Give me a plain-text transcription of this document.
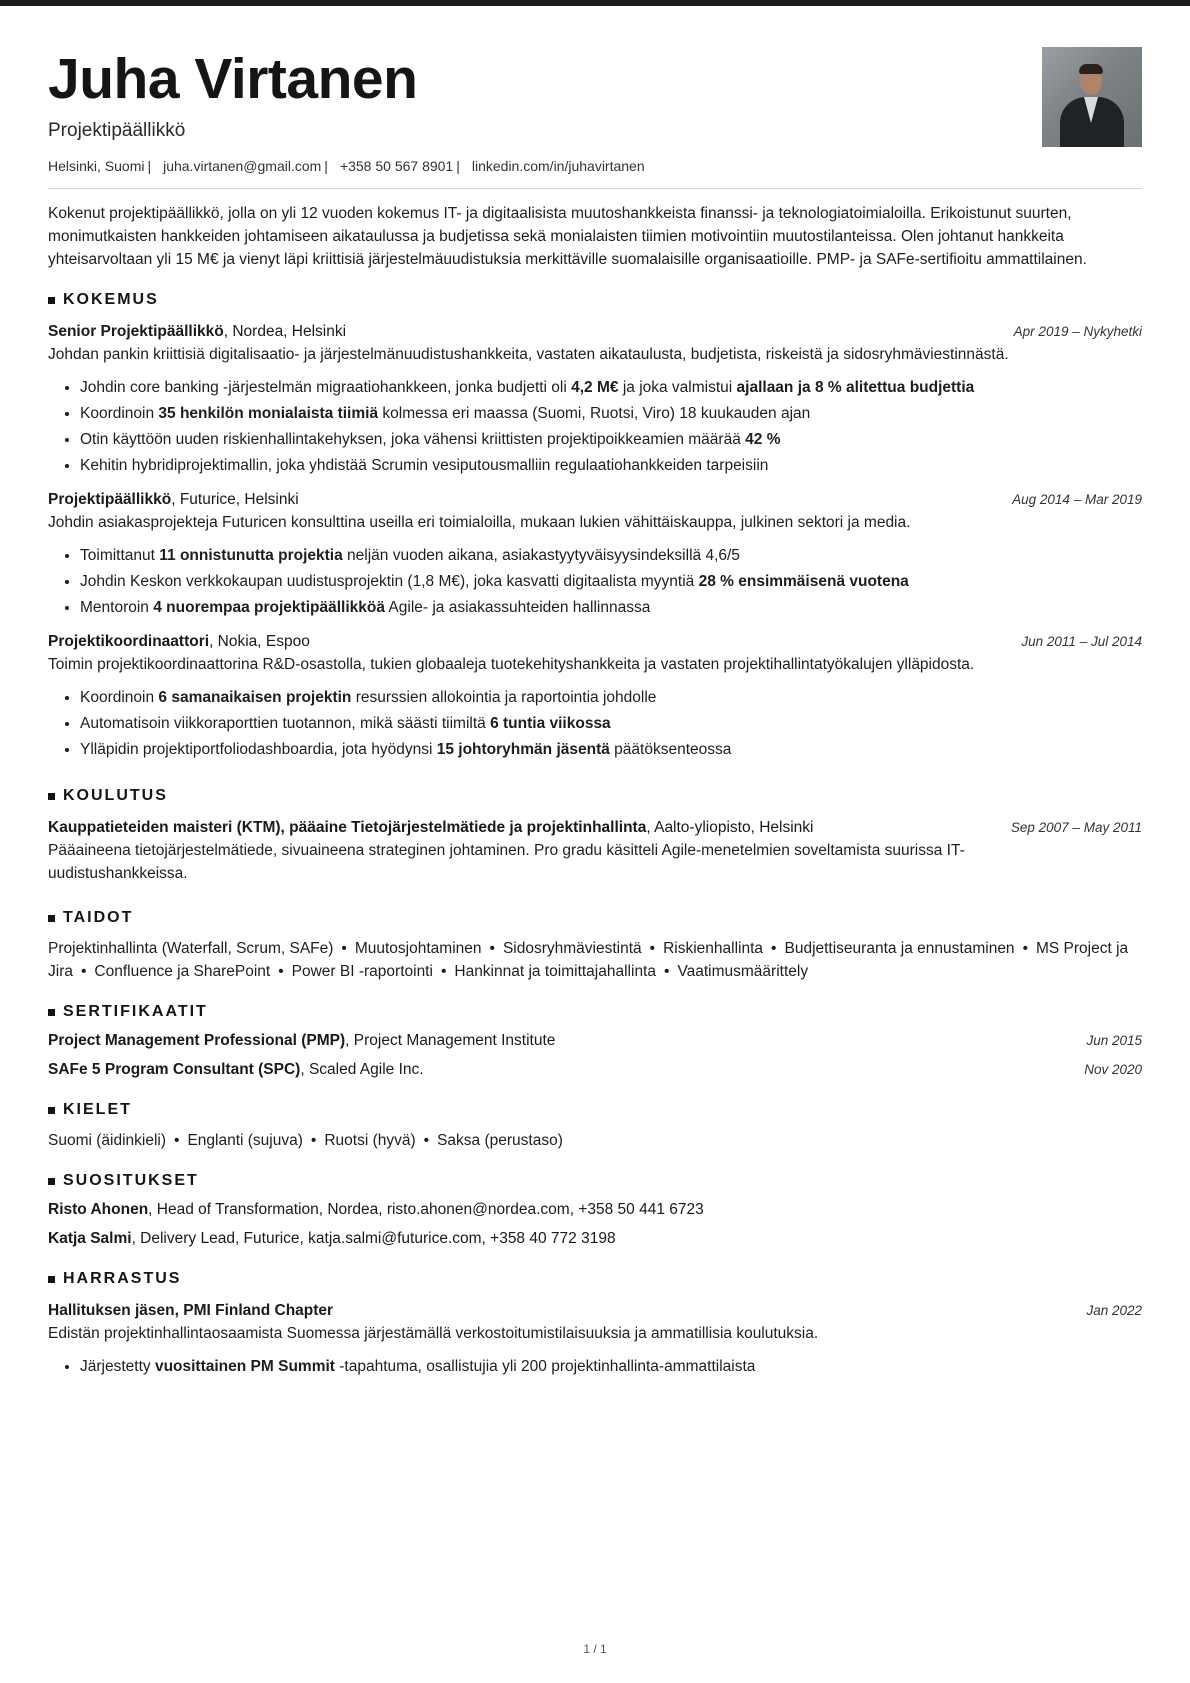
Juha Virtanen
Projektipäällikkö
Helsinki, Suomi | juha.virtanen@gmail.com | +358 50 567 8901 | linkedin.com/in/juhavirtanen
Kokenut projektipäällikkö, jolla on yli 12 vuoden kokemus IT- ja digitaalisista muutoshankkeista finanssi- ja teknologiatoimialoilla. Erikoistunut suurten, monimutkaisten hankkeiden johtamiseen aikataulussa ja budjetissa sekä monialaisten tiimien motivointiin muutostilanteissa. Olen johtanut hankkeita yhteisarvoltaan yli 15 M€ ja vienyt läpi kriittisiä järjestelmäuudistuksia merkittäville suomalaisille organisaatioille. PMP- ja SAFe-sertifioitu ammattilainen.
KOKEMUS
Senior Projektipäällikkö, Nordea, Helsinki	Apr 2019 – Nykyhetki
Johdan pankin kriittisiä digitalisaatio- ja järjestelmänuudistushankkeita, vastaten aikataulusta, budjetista, riskeistä ja sidosryhmäviestinnästä.
• Johdin core banking -järjestelmän migraatiohankkeen, jonka budjetti oli 4,2 M€ ja joka valmistui ajallaan ja 8 % alitettua budjettia
• Koordinoin 35 henkilön monialaista tiimiä kolmessa eri maassa (Suomi, Ruotsi, Viro) 18 kuukauden ajan
• Otin käyttöön uuden riskienhallintakehyksen, joka vähensi kriittisten projektipoikkeamien määrää 42 %
• Kehitin hybridiprojektimallin, joka yhdistää Scrumin vesiputousmalliin regulaatiohankkeiden tarpeisiin
Projektipäällikkö, Futurice, Helsinki	Aug 2014 – Mar 2019
Johdin asiakasprojekteja Futuricen konsulttina useilla eri toimialoilla, mukaan lukien vähittäiskauppa, julkinen sektori ja media.
• Toimittanut 11 onnistunutta projektia neljän vuoden aikana, asiakastyytyväisyysindeksillä 4,6/5
• Johdin Keskon verkkokaupan uudistusprojektin (1,8 M€), joka kasvatti digitaalista myyntiä 28 % ensimmäisenä vuotena
• Mentoroin 4 nuorempaa projektipäällikköä Agile- ja asiakassuhteiden hallinnassa
Projektikoordinaattori, Nokia, Espoo	Jun 2011 – Jul 2014
Toimin projektikoordinaattorina R&D-osastolla, tukien globaaleja tuotekehityshankkeita ja vastaten projektihallintatyökalujen ylläpidosta.
• Koordinoin 6 samanaikaisen projektin resurssien allokointia ja raportointia johdolle
• Automatisoin viikkoraporttien tuotannon, mikä säästi tiimiltä 6 tuntia viikossa
• Ylläpidin projektiportfoliodashboardia, jota hyödynsi 15 johtoryhmän jäsentä päätöksenteossa
KOULUTUS
Kauppatieteiden maisteri (KTM), pääaine Tietojärjestelmätiede ja projektinhallinta, Aalto-yliopisto, Helsinki	Sep 2007 – May 2011
Pääaineena tietojärjestelmätiede, sivuaineena strateginen johtaminen. Pro gradu käsitteli Agile-menetelmien soveltamista suurissa IT-uudistushankkeissa.
TAIDOT
Projektinhallinta (Waterfall, Scrum, SAFe) • Muutosjohtaminen • Sidosryhmäviestintä • Riskienhallinta • Budjettiseuranta ja ennustaminen • MS Project ja Jira • Confluence ja SharePoint • Power BI -raportointi • Hankinnat ja toimittajahallinta • Vaatimusmäärittely
SERTIFIKAATIT
Project Management Professional (PMP), Project Management Institute	Jun 2015
SAFe 5 Program Consultant (SPC), Scaled Agile Inc.	Nov 2020
KIELET
Suomi (äidinkieli) • Englanti (sujuva) • Ruotsi (hyvä) • Saksa (perustaso)
SUOSITUKSET
Risto Ahonen, Head of Transformation, Nordea, risto.ahonen@nordea.com, +358 50 441 6723
Katja Salmi, Delivery Lead, Futurice, katja.salmi@futurice.com, +358 40 772 3198
HARRASTUS
Hallituksen jäsen, PMI Finland Chapter	Jan 2022
Edistän projektinhallintaosaamista Suomessa järjestämällä verkostoitumistilaisuuksia ja ammatillisia koulutuksia.
• Järjestetty vuosittainen PM Summit -tapahtuma, osallistujia yli 200 projektinhallinta-ammattilaista
1 / 1
